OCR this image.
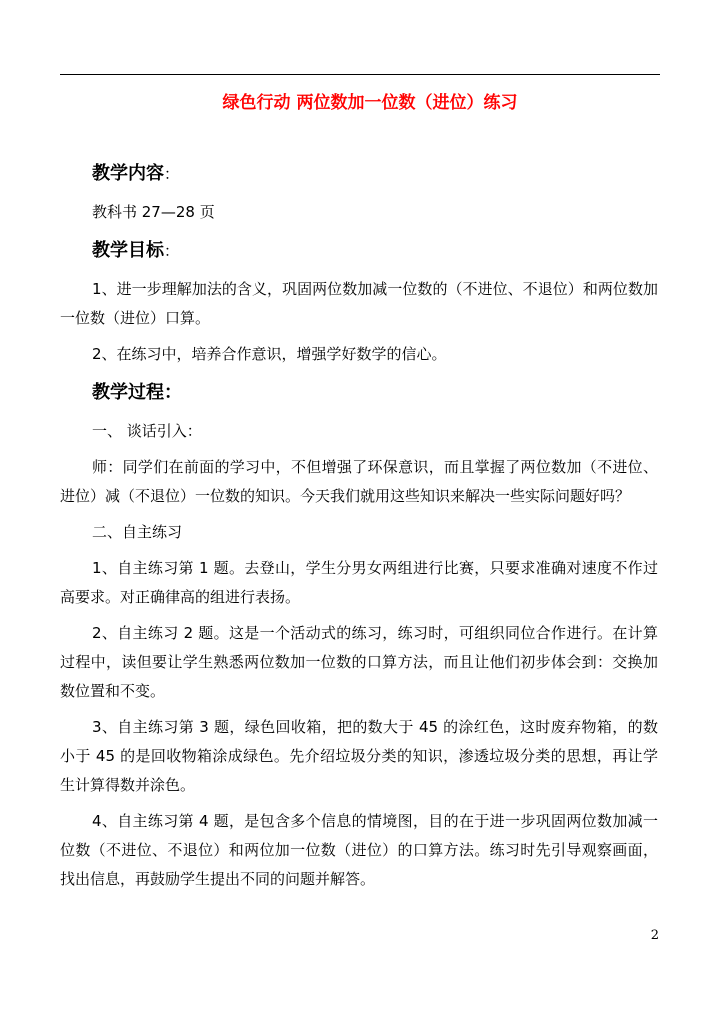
绿色行动 两位数加一位数（进位）练习
教学内容：
教科书 27—28 页
教学目标：

1、进一步理解加法的含义，巩固两位数加减一位数的（不进位、不退位）和两位数加一位数（进位）口算。

2、在练习中，培养合作意识，增强学好数学的信心。

教学过程：
一、 谈话引入：

师：同学们在前面的学习中，不但增强了环保意识，而且掌握了两位数加（不进位、进位）减（不退位）一位数的知识。今天我们就用这些知识来解决一些实际问题好吗？

二、自主练习

1、自主练习第 1 题。去登山，学生分男女两组进行比赛，只要求准确对速度不作过高要求。对正确律高的组进行表扬。

2、自主练习 2 题。这是一个活动式的练习，练习时，可组织同位合作进行。在计算过程中，读但要让学生熟悉两位数加一位数的口算方法，而且让他们初步体会到：交换加数位置和不变。

3、自主练习第 3 题，绿色回收箱，把的数大于 45 的涂红色，这时废弃物箱，的数小于 45 的是回收物箱涂成绿色。先介绍垃圾分类的知识，渗透垃圾分类的思想，再让学生计算得数并涂色。

4、自主练习第 4 题，是包含多个信息的情境图，目的在于进一步巩固两位数加减一位数（不进位、不退位）和两位加一位数（进位）的口算方法。练习时先引导观察画面，找出信息，再鼓励学生提出不同的问题并解答。

2
